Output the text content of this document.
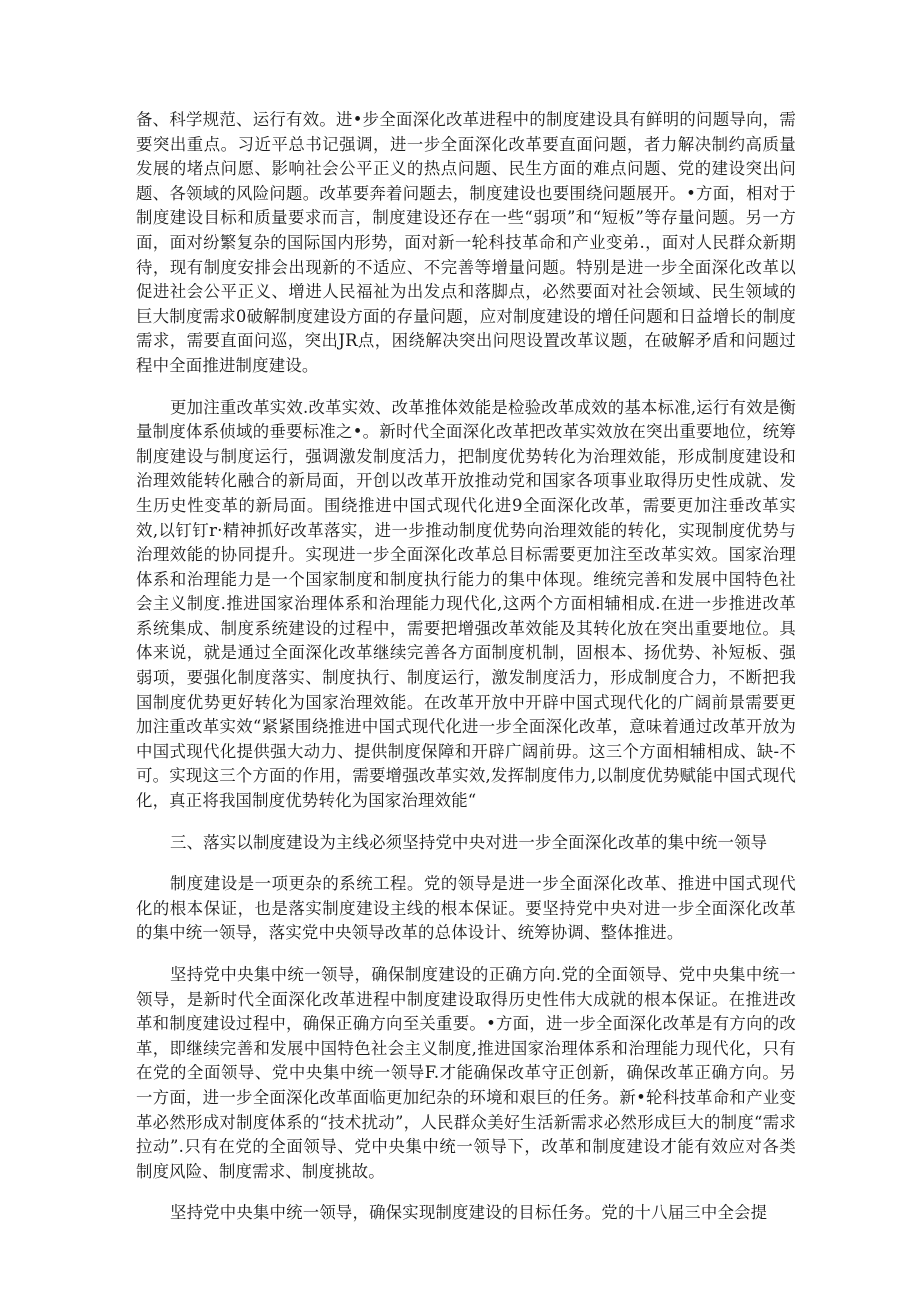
备、科学规范、运行有效。进•步全面深化改革进程中的制度建设具有鲜明的问题导向，需要突出重点。习近平总书记强调，进一步全面深化改革要直面问题，者力解决制约高质量发展的堵点问愿、影响社会公平正义的热点问题、民生方面的难点问题、党的建设突出问题、各领域的风险问题。改革要奔着问题去，制度建设也要围绕问题展开。•方面，相对于制度建设目标和质量要求而言，制度建设还存在一些“弱项”和“短板”等存量问题。另一方面，面对纷繁复杂的国际国内形势，面对新一轮科技革命和产业变弟.，面对人民群众新期待，现有制度安排会出现新的不适应、不完善等增量问题。特别是进一步全面深化改革以促进社会公平正义、增进人民福祉为出发点和落脚点，必然要面对社会领域、民生领域的巨大制度需求0破解制度建设方面的存量问题，应对制度建设的增任问题和日益增长的制度需求，需要直面问巡，突出JR点，困绕解决突出问咫设置改革议题，在破解矛盾和问题过程中全面推进制度建设。

更加注重改革实效.改革实效、改革推体效能是检验改革成效的基本标准,运行有效是衡量制度体系侦域的垂要标准之•。新时代全面深化改革把改革实效放在突出重要地位，统筹制度建设与制度运行，强调激发制度活力，把制度优势转化为治理效能，形成制度建设和治理效能转化融合的新局面，开创以改革开放推动党和国家各项事业取得历史性成就、发生历史性变革的新局面。围绕推进中国式现代化进9全面深化改革，需要更加注垂改革实效,以钉钉r·精神抓好改革落实，进一步推动制度优势向治理效能的转化，实现制度优势与治理效能的协同提升。实现进一步全面深化改革总目标需要更加注至改革实效。国家治理体系和治理能力是一个国家制度和制度执行能力的集中体现。维统完善和发展中国特色社会主义制度.推进国家治理体系和治理能力现代化,这两个方面相辅相成.在进一步推进改革系统集成、制度系统建设的过程中，需要把增强改革效能及其转化放在突出重要地位。具体来说，就是通过全面深化改革继续完善各方面制度机制，固根本、扬优势、补短板、强弱项，要强化制度落实、制度执行、制度运行，激发制度活力，形成制度合力，不断把我国制度优势更好转化为国家治理效能。在改革开放中开辟中国式现代化的广阔前景需要更加注重改革实效“紧紧围绕推进中国式现代化进一步全面深化改革，意味着通过改革开放为中国式现代化提供强大动力、提供制度保障和开辟广阔前毋。这三个方面相辅相成、缺-不可。实现这三个方面的作用，需要增强改革实效,发挥制度伟力,以制度优势赋能中国式现代化，真正将我国制度优势转化为国家治理效能“

三、落实以制度建设为主线必须坚持党中央对进一步全面深化改革的集中统一领导

制度建设是一项更杂的系统工程。党的领导是进一步全面深化改革、推进中国式现代化的根本保证，也是落实制度建设主线的根本保证。要坚持党中央对进一步全面深化改革的集中统一领导，落实党中央领导改革的总体设计、统筹协调、整体推进。

坚持党中央集中统一领导，确保制度建设的正确方向.党的全面领导、党中央集中统一领导，是新时代全面深化改革进程中制度建设取得历史性伟大成就的根本保证。在推进改革和制度建设过程中，确保正确方向至关重要。•方面，进一步全面深化改革是有方向的改革，即继续完善和发展中国特色社会主义制度,推进国家治理体系和治理能力现代化，只有在党的全面领导、党中央集中统一领导F.才能确保改革守正创新，确保改革正确方向。另一方面，进一步全面深化改革面临更加纪杂的环境和艰巨的任务。新•轮科技革命和产业变革必然形成对制度体系的“技术扰动”，人民群众美好生活新需求必然形成巨大的制度“需求拉动”.只有在党的全面领导、党中央集中统一领导下，改革和制度建设才能有效应对各类制度风险、制度需求、制度挑故。

坚持党中央集中统一领导，确保实现制度建设的目标任务。党的十八届三中全会提
